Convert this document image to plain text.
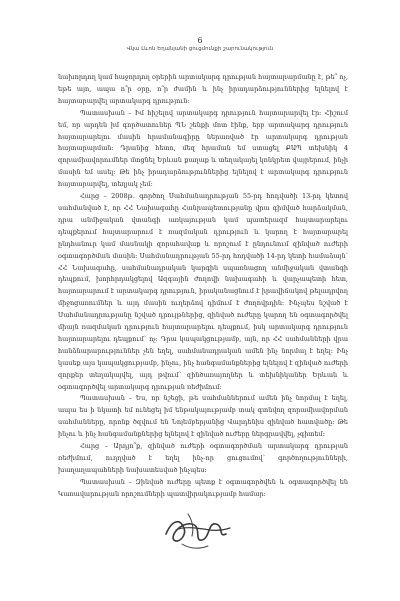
6
Վկա Լևոն Եղանյանի ցուցմունքի շարունակություն

նախորդող կամ հաջորդող օրերին արտակարգ դրության հայտարարմանը է, թե՞ ոչ, եթե այո, ապա ո՞ր օրը, ո՞ր ժամին և ինչ իրադարձություններից ելնելով է հայտարարվել արտակարգ դրություն:

Պատասխան – Իմ հիշելով արտակարգ դրություն հայտարարվել էր: Հիշում եմ, որ արդեն իմ գործատուներ ՊՆ շենքի մոտ էինք, երբ արտակարգ դրություն հայտարարելու մասին հրամանագիրը ներառված էր արտակարգ դրության հայտարարման: Դրանից հետո, մեզ հրաման եմ ստացել ՔԱՊ տեխնիկ 4 զորամիավորումներ մտցնել Երևան քաղաք և տեղակայել կոնկրետ վայրերում, ինչի մասին եմ ասել: Թե ինչ իրադարձություններից ելնելով է արտակարգ դրություն հայտարարվել, տեղյակ չեմ:

Հարց – 2008թ. գործող Սահմանադրության 55-րդ հոդվածի 13-րդ կետով սահմանված է, որ ՀՀ Նախագահը Հանրապետությանը վրա գիմված հարձակման, դրա անմիջական վտանգի առկայության կամ պատերազմ հայտարարելու դեպքերում հայտարարում է ռազմական դրություն և կարող է հայտարարել ընդհանուր կամ մասնակի զորահավաք և որոշում է ընդունում զինված ուժերի օգտագործման մասին: Սահմանադրության 55-րդ հոդվածի 14-րդ կետի համաձայն՝ ՀՀ Նախագահը, սահմանադրական կարգին սպառնացող անմիջական վտանգի դեպքում, խորհրդակցելով Ազգային ժողովի նախագահի և վարչապետի հետ, հայտարարում է արտակարգ դրություն, իրականացնում է իրավիճակով թելադրվող միջոցառումներ և այդ մասին ուղերձով դիմում է ժողովրդին: Ինչպես նշված է Սահմանադրությանը նշված դրույթներից, զինված ուժերը կարող են օգտագործվել միայն ռազմական դրություն հայտարարելու դեպքում, իսկ արտակարգ դրություն հայտարարելու դեպքում՝ ոչ: Դրա կապակցությամբ, այն, որ ՀՀ սահմանների վրա հանձնարարություններ չեն եղել, սահմանադրական ամեն ինչ նորմալ է եղել: Ինչ կասեք այս կապակցությամբ, ինչու, ինչ հանգամանքներից ելնելով է զինված ուժերի զորքեր տեղակայվել, այդ թվում՝ զինծառայողներ և տեխնիկաներ Երևան և օգտագործվել արտակարգ դրության ռեժիմում:

Պատասխան – Ես, որ նշեցի, թե սահմաններում ամեն ինչ նորմալ է եղել, ապա ես ի նկատի եմ ունեցել իմ ենթակայությամբ տակ գտնվող զորամիավորման սահմանները, որոնք ծզվում են Նոյեմբերյանից Վարդենիս զինված հատվածը: Թե ինչու և ինչ հանգամանքներից ելնելով է զինված ուժերը ներգրավվել, չգիտեմ:

Հարց – Արդյո՞ք, զինված ուժերի օգտագործման արտակարգ դրության ռեժիմում, ուղղված է եղել ինչ-որ ցուցումով՝ գործողությունների, խաղաղապահների նախատեսված ինչպես:

Պատասխան – Զինված ուժերը պետք է օգտագործվեն և օգտագործվել են Կառավարության որոշումների պատվիրակությամբ համար:
